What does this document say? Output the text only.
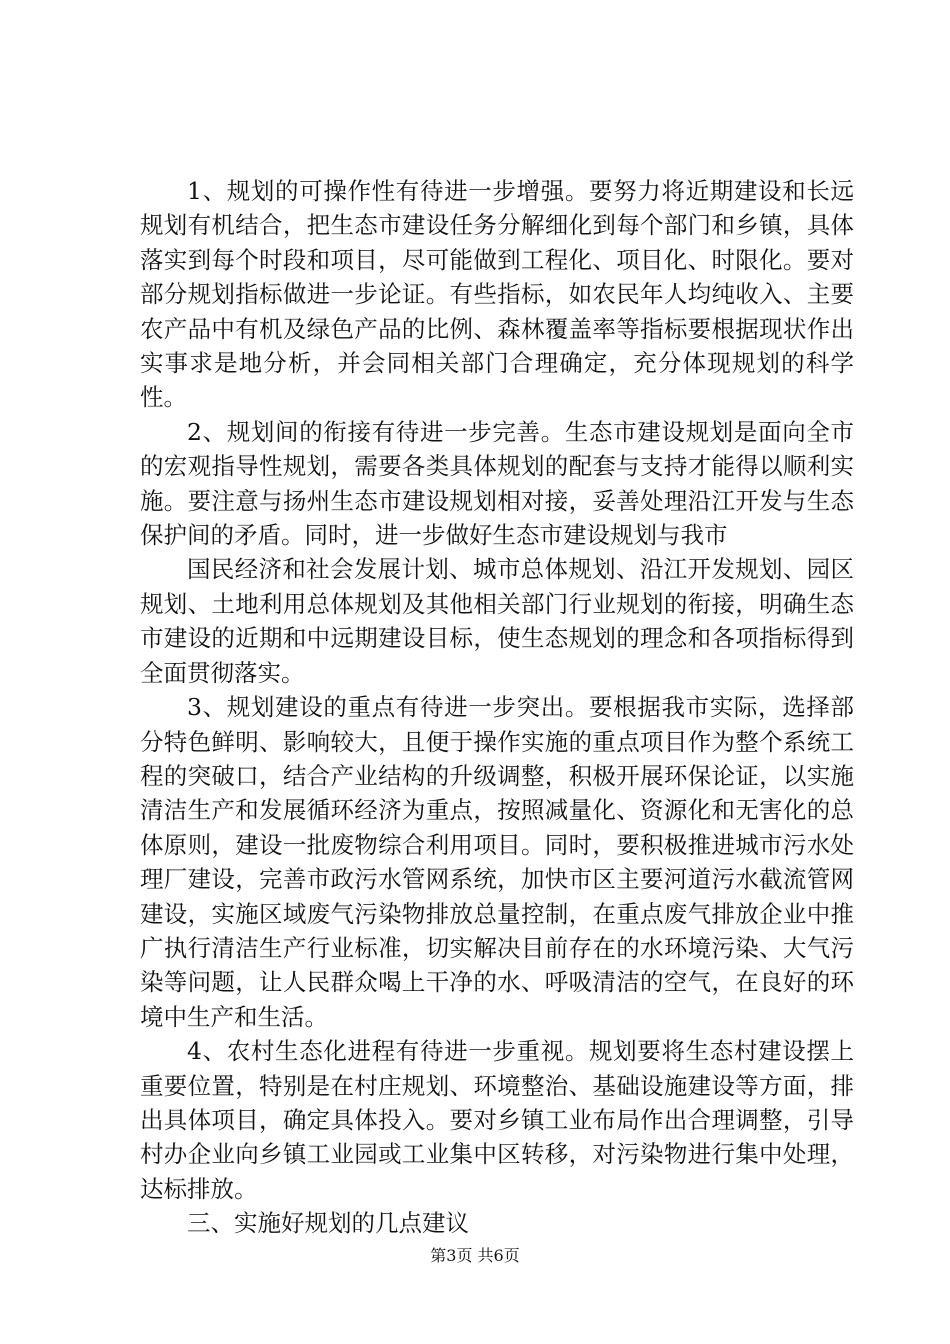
1、规划的可操作性有待进一步增强。要努力将近期建设和长远规划有机结合，把生态市建设任务分解细化到每个部门和乡镇，具体落实到每个时段和项目，尽可能做到工程化、项目化、时限化。要对部分规划指标做进一步论证。有些指标，如农民年人均纯收入、主要农产品中有机及绿色产品的比例、森林覆盖率等指标要根据现状作出实事求是地分析，并会同相关部门合理确定，充分体现规划的科学性。

2、规划间的衔接有待进一步完善。生态市建设规划是面向全市的宏观指导性规划，需要各类具体规划的配套与支持才能得以顺利实施。要注意与扬州生态市建设规划相对接，妥善处理沿江开发与生态保护间的矛盾。同时，进一步做好生态市建设规划与我市

国民经济和社会发展计划、城市总体规划、沿江开发规划、园区规划、土地利用总体规划及其他相关部门行业规划的衔接，明确生态市建设的近期和中远期建设目标，使生态规划的理念和各项指标得到全面贯彻落实。

3、规划建设的重点有待进一步突出。要根据我市实际，选择部分特色鲜明、影响较大，且便于操作实施的重点项目作为整个系统工程的突破口，结合产业结构的升级调整，积极开展环保论证，以实施清洁生产和发展循环经济为重点，按照减量化、资源化和无害化的总体原则，建设一批废物综合利用项目。同时，要积极推进城市污水处理厂建设，完善市政污水管网系统，加快市区主要河道污水截流管网建设，实施区域废气污染物排放总量控制，在重点废气排放企业中推广执行清洁生产行业标准，切实解决目前存在的水环境污染、大气污染等问题，让人民群众喝上干净的水、呼吸清洁的空气，在良好的环境中生产和生活。

4、农村生态化进程有待进一步重视。规划要将生态村建设摆上重要位置，特别是在村庄规划、环境整治、基础设施建设等方面，排出具体项目，确定具体投入。要对乡镇工业布局作出合理调整，引导村办企业向乡镇工业园或工业集中区转移，对污染物进行集中处理，达标排放。

三、实施好规划的几点建议

第3页 共6页
